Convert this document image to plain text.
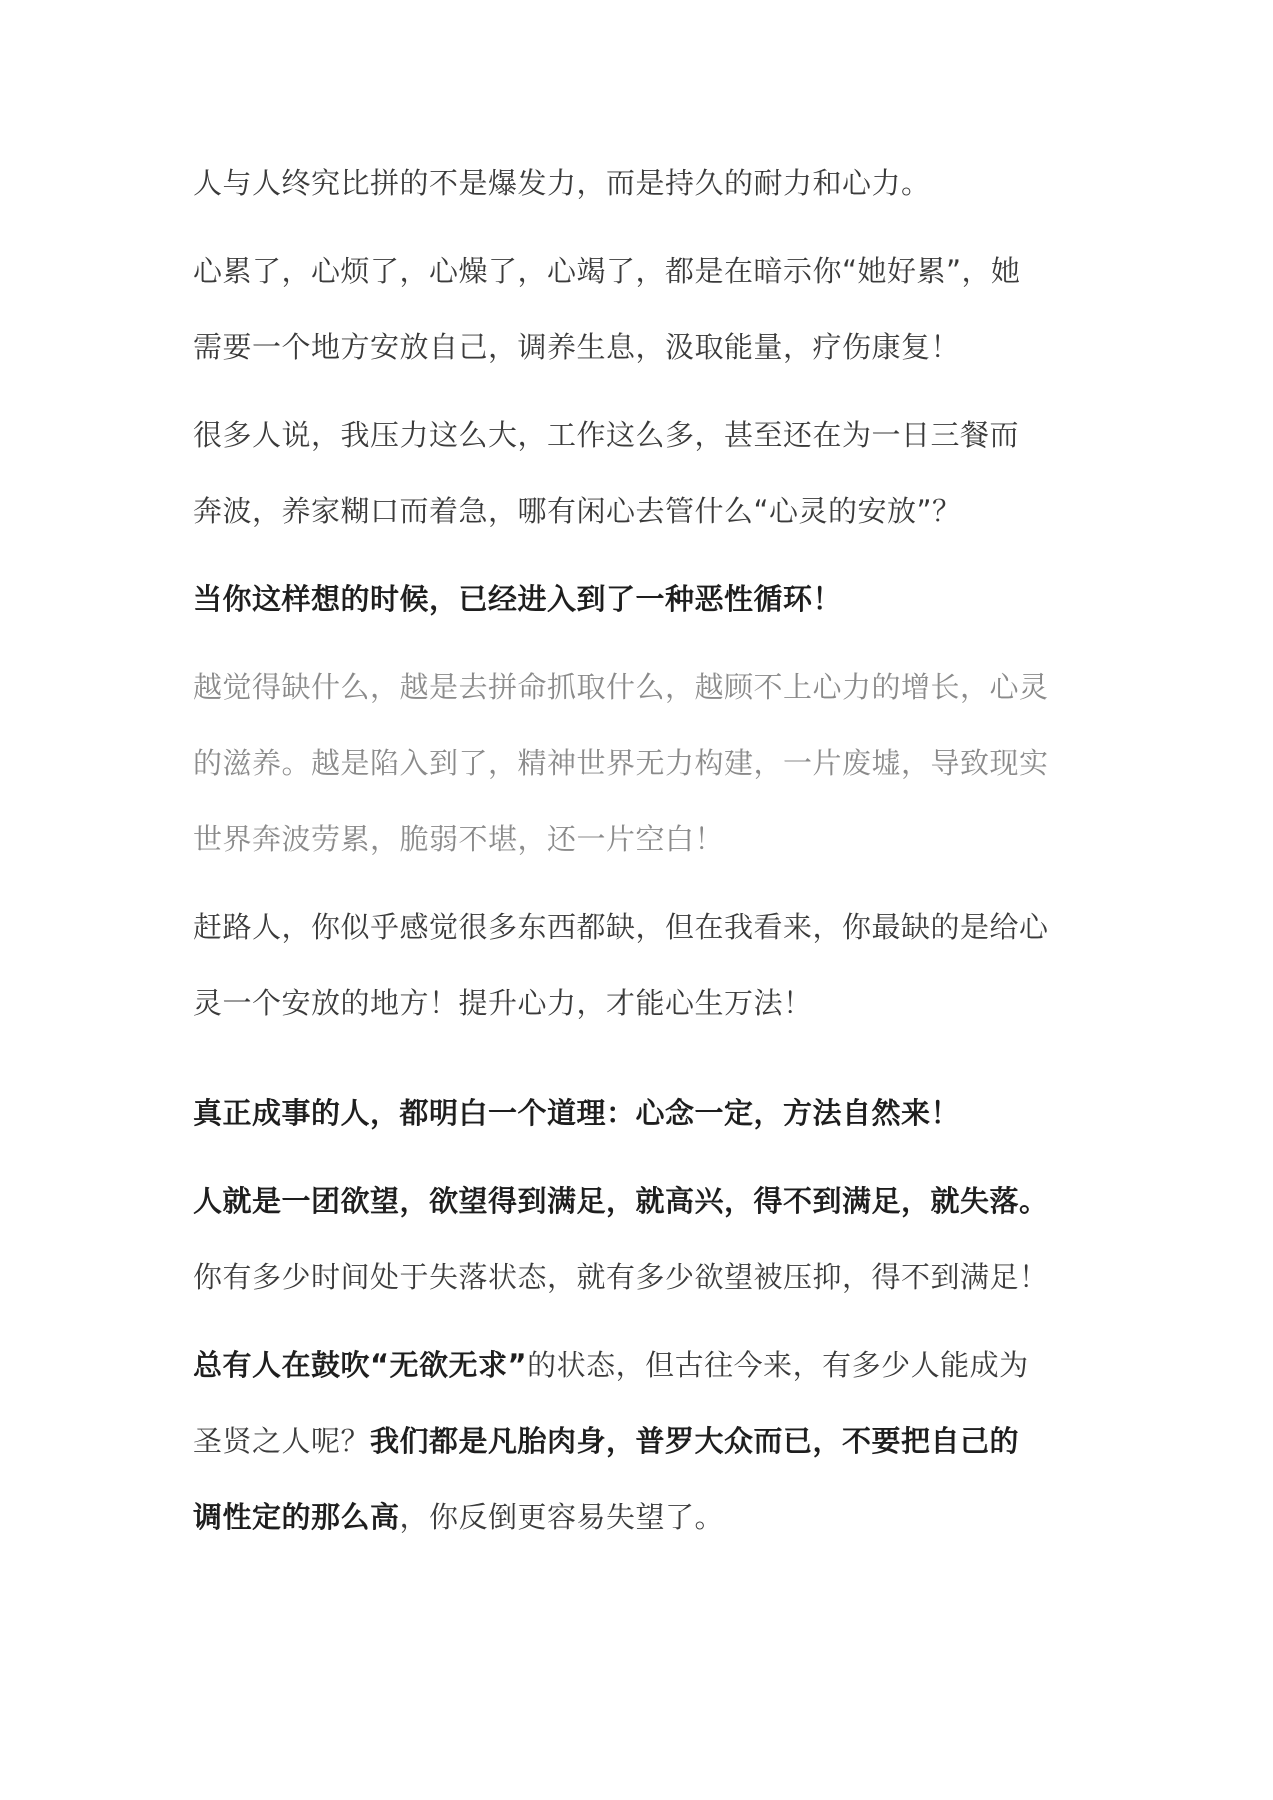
人与人终究比拼的不是爆发力，而是持久的耐力和心力。

心累了，心烦了，心燥了，心竭了，都是在暗示你“她好累”，她
需要一个地方安放自己，调养生息，汲取能量，疗伤康复！

很多人说，我压力这么大，工作这么多，甚至还在为一日三餐而
奔波，养家糊口而着急，哪有闲心去管什么“心灵的安放”？

当你这样想的时候，已经进入到了一种恶性循环！

越觉得缺什么，越是去拼命抓取什么，越顾不上心力的增长，心灵
的滋养。越是陷入到了，精神世界无力构建，一片废墟，导致现实
世界奔波劳累，脆弱不堪，还一片空白！

赶路人，你似乎感觉很多东西都缺，但在我看来，你最缺的是给心
灵一个安放的地方！提升心力，才能心生万法！

真正成事的人，都明白一个道理：心念一定，方法自然来！

人就是一团欲望，欲望得到满足，就高兴，得不到满足，就失落。

你有多少时间处于失落状态，就有多少欲望被压抑，得不到满足！

总有人在鼓吹“无欲无求”的状态，但古往今来，有多少人能成为
圣贤之人呢？我们都是凡胎肉身，普罗大众而已，不要把自己的
调性定的那么高，你反倒更容易失望了。
